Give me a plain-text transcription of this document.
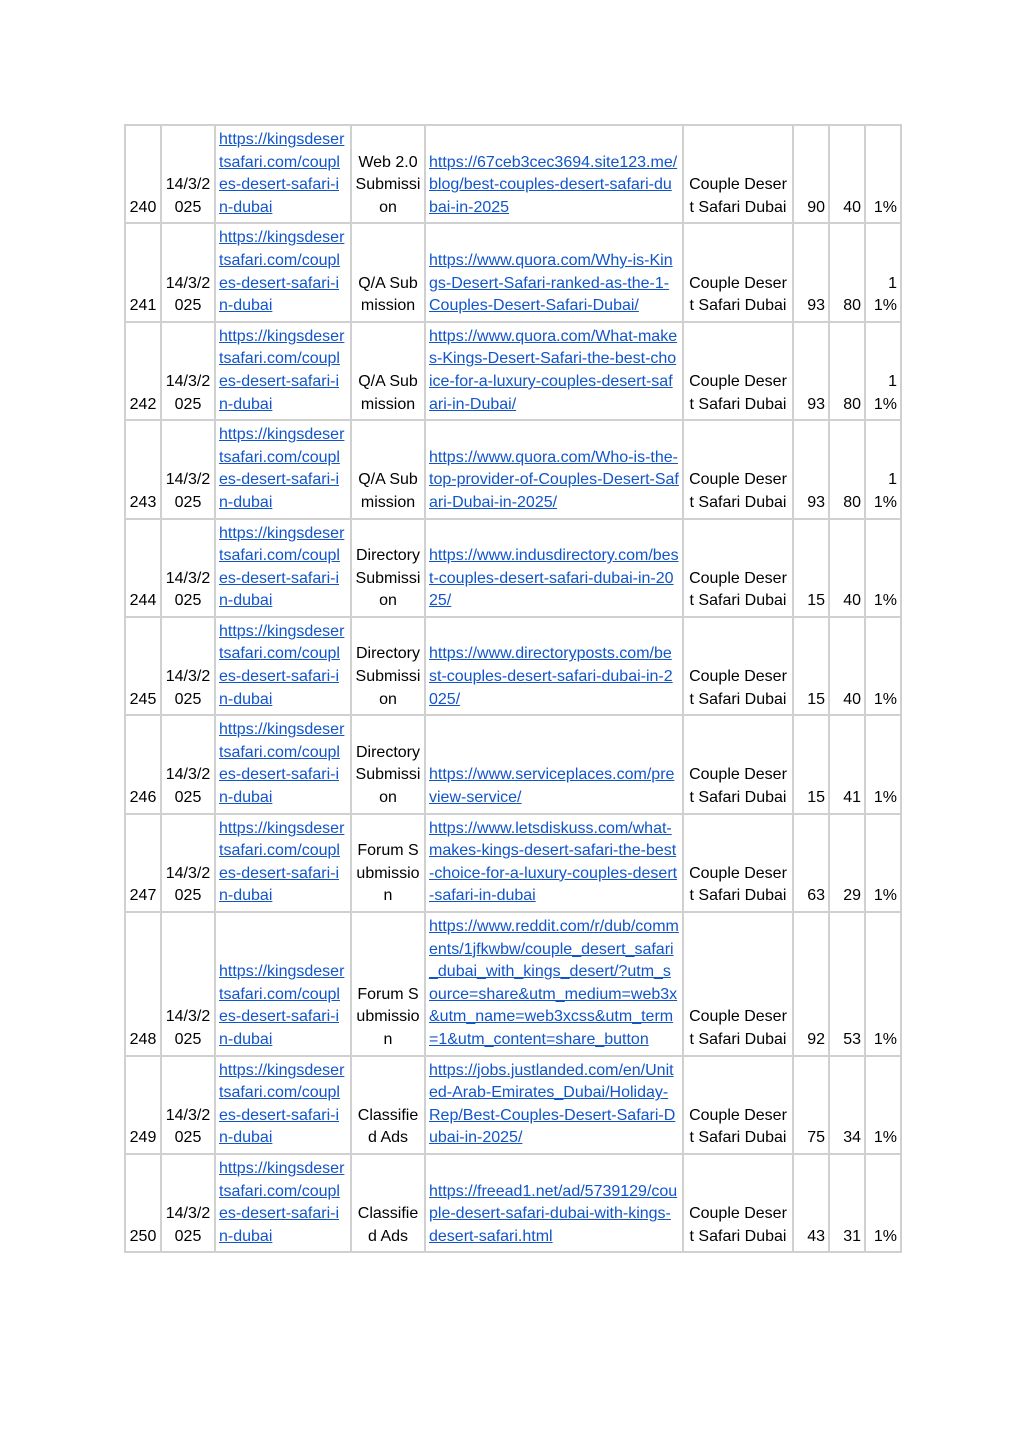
240	14/3/2025	https://kingsdesertsafari.com/couples-desert-safari-in-dubai	Web 2.0 Submission	https://67ceb3cec3694.site123.me/blog/best-couples-desert-safari-dubai-in-2025	Couple Desert Safari Dubai	90	40	1%
241	14/3/2025	https://kingsdesertsafari.com/couples-desert-safari-in-dubai	Q/A Submission	https://www.quora.com/Why-is-Kings-Desert-Safari-ranked-as-the-1-Couples-Desert-Safari-Dubai/	Couple Desert Safari Dubai	93	80	11%
242	14/3/2025	https://kingsdesertsafari.com/couples-desert-safari-in-dubai	Q/A Submission	https://www.quora.com/What-makes-Kings-Desert-Safari-the-best-choice-for-a-luxury-couples-desert-safari-in-Dubai/	Couple Desert Safari Dubai	93	80	11%
243	14/3/2025	https://kingsdesertsafari.com/couples-desert-safari-in-dubai	Q/A Submission	https://www.quora.com/Who-is-the-top-provider-of-Couples-Desert-Safari-Dubai-in-2025/	Couple Desert Safari Dubai	93	80	11%
244	14/3/2025	https://kingsdesertsafari.com/couples-desert-safari-in-dubai	Directory Submission	https://www.indusdirectory.com/best-couples-desert-safari-dubai-in-2025/	Couple Desert Safari Dubai	15	40	1%
245	14/3/2025	https://kingsdesertsafari.com/couples-desert-safari-in-dubai	Directory Submission	https://www.directoryposts.com/best-couples-desert-safari-dubai-in-2025/	Couple Desert Safari Dubai	15	40	1%
246	14/3/2025	https://kingsdesertsafari.com/couples-desert-safari-in-dubai	Directory Submission	https://www.serviceplaces.com/preview-service/	Couple Desert Safari Dubai	15	41	1%
247	14/3/2025	https://kingsdesertsafari.com/couples-desert-safari-in-dubai	Forum Submission	https://www.letsdiskuss.com/what-makes-kings-desert-safari-the-best-choice-for-a-luxury-couples-desert-safari-in-dubai	Couple Desert Safari Dubai	63	29	1%
248	14/3/2025	https://kingsdesertsafari.com/couples-desert-safari-in-dubai	Forum Submission	https://www.reddit.com/r/dub/comments/1jfkwbw/couple_desert_safari_dubai_with_kings_desert/?utm_source=share&utm_medium=web3x&utm_name=web3xcss&utm_term=1&utm_content=share_button	Couple Desert Safari Dubai	92	53	1%
249	14/3/2025	https://kingsdesertsafari.com/couples-desert-safari-in-dubai	Classified Ads	https://jobs.justlanded.com/en/United-Arab-Emirates_Dubai/Holiday-Rep/Best-Couples-Desert-Safari-Dubai-in-2025/	Couple Desert Safari Dubai	75	34	1%
250	14/3/2025	https://kingsdesertsafari.com/couples-desert-safari-in-dubai	Classified Ads	https://freead1.net/ad/5739129/couple-desert-safari-dubai-with-kings-desert-safari.html	Couple Desert Safari Dubai	43	31	1%
